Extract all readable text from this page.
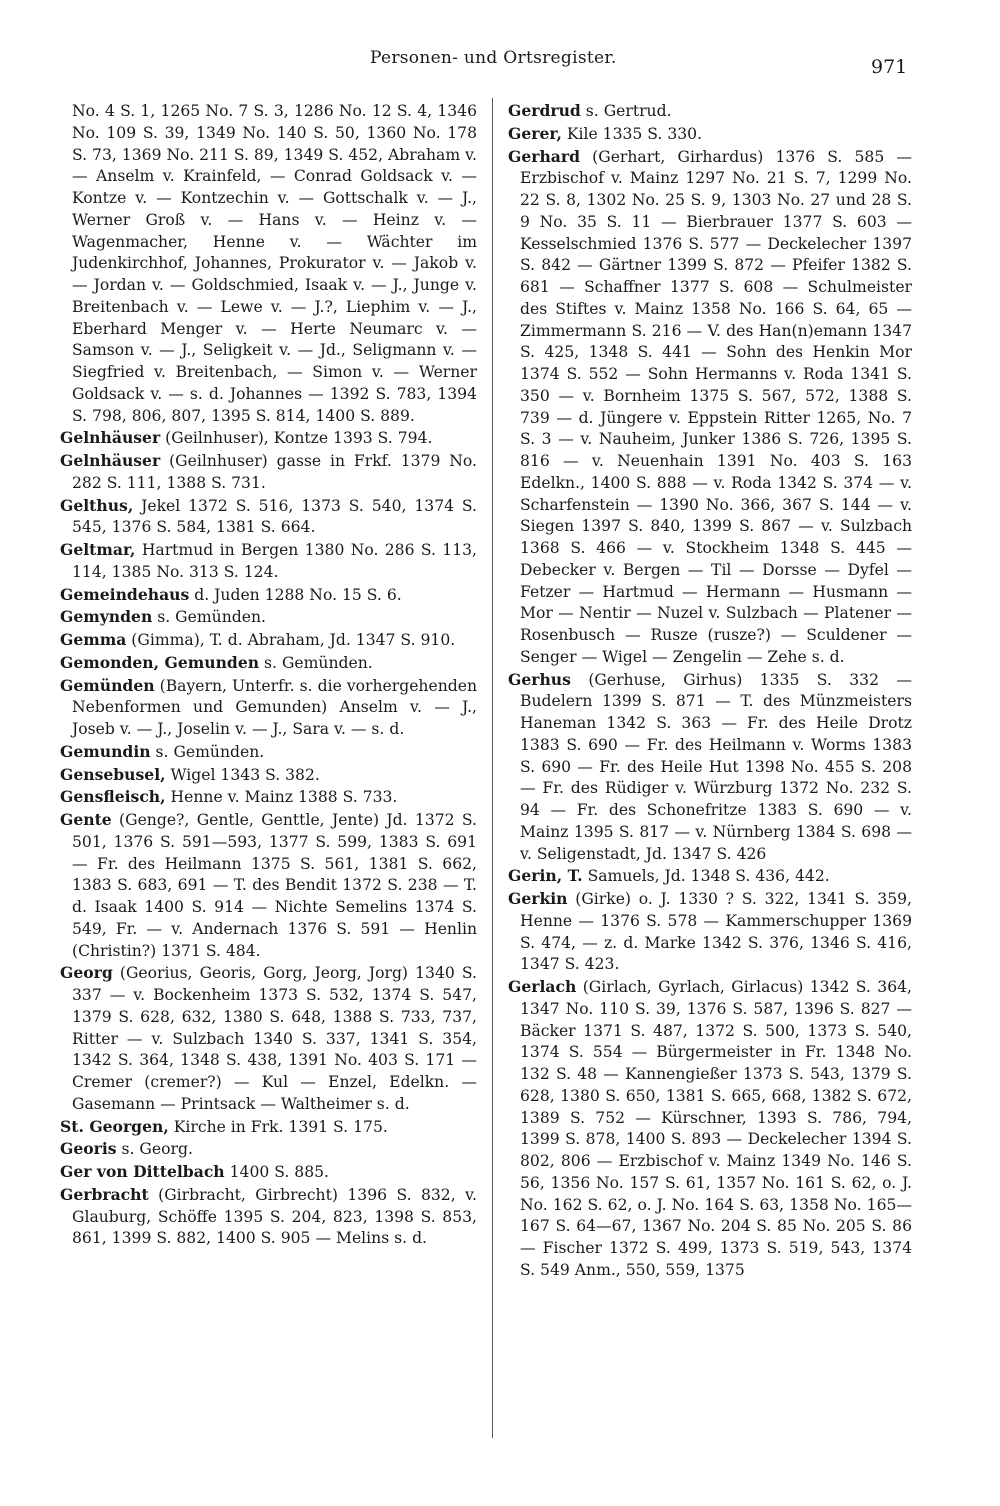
Personen- und Ortsregister.	971

No. 4 S. 1, 1265 No. 7 S. 3, 1286 No. 12 S. 4, 1346 No. 109 S. 39, 1349 No. 140 S. 50, 1360 No. 178 S. 73, 1369 No. 211 S. 89, 1349 S. 452, Abraham v. — Anselm v. Krainfeld, — Conrad Goldsack v. — Kontze v. — Kontzechin v. — Gottschalk v. — J., Werner Groß v. — Hans v. — Heinz v. — Wagenmacher, Henne v. — Wächter im Judenkirchhof, Johannes, Prokurator v. — Jakob v. — Jordan v. — Goldschmied, Isaak v. — J., Junge v. Breitenbach v. — Lewe v. — J.?, Liephim v. — J., Eberhard Menger v. — Herte Neumarc v. — Samson v. — J., Seligkeit v. — Jd., Seligmann v. — Siegfried v. Breitenbach, — Simon v. — Werner Goldsack v. — s. d. Johannes — 1392 S. 783, 1394 S. 798, 806, 807, 1395 S. 814, 1400 S. 889.

Gelnhäuser (Geilnhuser), Kontze 1393 S. 794.

Gelnhäuser (Geilnhuser) gasse in Frkf. 1379 No. 282 S. 111, 1388 S. 731.

Gelthus, Jekel 1372 S. 516, 1373 S. 540, 1374 S. 545, 1376 S. 584, 1381 S. 664.

Geltmar, Hartmud in Bergen 1380 No. 286 S. 113, 114, 1385 No. 313 S. 124.

Gemeindehaus d. Juden 1288 No. 15 S. 6.

Gemynden s. Gemünden.

Gemma (Gimma), T. d. Abraham, Jd. 1347 S. 910.

Gemonden, Gemunden s. Gemünden.

Gemünden (Bayern, Unterfr. s. die vorhergehenden Nebenformen und Gemunden) Anselm v. — J., Joseb v. — J., Joselin v. — J., Sara v. — s. d.

Gemundin s. Gemünden.

Gensebusel, Wigel 1343 S. 382.

Gensfleisch, Henne v. Mainz 1388 S. 733.

Gente (Genge?, Gentle, Genttle, Jente) Jd. 1372 S. 501, 1376 S. 591—593, 1377 S. 599, 1383 S. 691 — Fr. des Heilmann 1375 S. 561, 1381 S. 662, 1383 S. 683, 691 — T. des Bendit 1372 S. 238 — T. d. Isaak 1400 S. 914 — Nichte Semelins 1374 S. 549, Fr. — v. Andernach 1376 S. 591 — Henlin (Christin?) 1371 S. 484.

Georg (Georius, Georis, Gorg, Jeorg, Jorg) 1340 S. 337 — v. Bockenheim 1373 S. 532, 1374 S. 547, 1379 S. 628, 632, 1380 S. 648, 1388 S. 733, 737, Ritter — v. Sulzbach 1340 S. 337, 1341 S. 354, 1342 S. 364, 1348 S. 438, 1391 No. 403 S. 171 — Cremer (cremer?) — Kul — Enzel, Edelkn. — Gasemann — Printsack — Waltheimer s. d.

St. Georgen, Kirche in Frk. 1391 S. 175.

Georis s. Georg.

Ger von Dittelbach 1400 S. 885.

Gerbracht (Girbracht, Girbrecht) 1396 S. 832, v. Glauburg, Schöffe 1395 S. 204, 823, 1398 S. 853, 861, 1399 S. 882, 1400 S. 905 — Melins s. d.

Gerdrud s. Gertrud.

Gerer, Kile 1335 S. 330.

Gerhard (Gerhart, Girhardus) 1376 S. 585 — Erzbischof v. Mainz 1297 No. 21 S. 7, 1299 No. 22 S. 8, 1302 No. 25 S. 9, 1303 No. 27 und 28 S. 9 No. 35 S. 11 — Bierbrauer 1377 S. 603 — Kesselschmied 1376 S. 577 — Deckelecher 1397 S. 842 — Gärtner 1399 S. 872 — Pfeifer 1382 S. 681 — Schaffner 1377 S. 608 — Schulmeister des Stiftes v. Mainz 1358 No. 166 S. 64, 65 — Zimmermann S. 216 — V. des Han(n)emann 1347 S. 425, 1348 S. 441 — Sohn des Henkin Mor 1374 S. 552 — Sohn Hermanns v. Roda 1341 S. 350 — v. Bornheim 1375 S. 567, 572, 1388 S. 739 — d. Jüngere v. Eppstein Ritter 1265, No. 7 S. 3 — v. Nauheim, Junker 1386 S. 726, 1395 S. 816 — v. Neuenhain 1391 No. 403 S. 163 Edelkn., 1400 S. 888 — v. Roda 1342 S. 374 — v. Scharfenstein — 1390 No. 366, 367 S. 144 — v. Siegen 1397 S. 840, 1399 S. 867 — v. Sulzbach 1368 S. 466 — v. Stockheim 1348 S. 445 — Debecker v. Bergen — Til — Dorsse — Dyfel — Fetzer — Hartmud — Hermann — Husmann — Mor — Nentir — Nuzel v. Sulzbach — Platener — Rosenbusch — Rusze (rusze?) — Sculdener — Senger — Wigel — Zengelin — Zehe s. d.

Gerhus (Gerhuse, Girhus) 1335 S. 332 — Budelern 1399 S. 871 — T. des Münzmeisters Haneman 1342 S. 363 — Fr. des Heile Drotz 1383 S. 690 — Fr. des Heilmann v. Worms 1383 S. 690 — Fr. des Heile Hut 1398 No. 455 S. 208 — Fr. des Rüdiger v. Würzburg 1372 No. 232 S. 94 — Fr. des Schonefritze 1383 S. 690 — v. Mainz 1395 S. 817 — v. Nürnberg 1384 S. 698 — v. Seligenstadt, Jd. 1347 S. 426

Gerin, T. Samuels, Jd. 1348 S. 436, 442.

Gerkin (Girke) o. J. 1330 ? S. 322, 1341 S. 359, Henne — 1376 S. 578 — Kammerschupper 1369 S. 474, — z. d. Marke 1342 S. 376, 1346 S. 416, 1347 S. 423.

Gerlach (Girlach, Gyrlach, Girlacus) 1342 S. 364, 1347 No. 110 S. 39, 1376 S. 587, 1396 S. 827 — Bäcker 1371 S. 487, 1372 S. 500, 1373 S. 540, 1374 S. 554 — Bürgermeister in Fr. 1348 No. 132 S. 48 — Kannengießer 1373 S. 543, 1379 S. 628, 1380 S. 650, 1381 S. 665, 668, 1382 S. 672, 1389 S. 752 — Kürschner, 1393 S. 786, 794, 1399 S. 878, 1400 S. 893 — Deckelecher 1394 S. 802, 806 — Erzbischof v. Mainz 1349 No. 146 S. 56, 1356 No. 157 S. 61, 1357 No. 161 S. 62, o. J. No. 162 S. 62, o. J. No. 164 S. 63, 1358 No. 165—167 S. 64—67, 1367 No. 204 S. 85 No. 205 S. 86 — Fischer 1372 S. 499, 1373 S. 519, 543, 1374 S. 549 Anm., 550, 559, 1375
